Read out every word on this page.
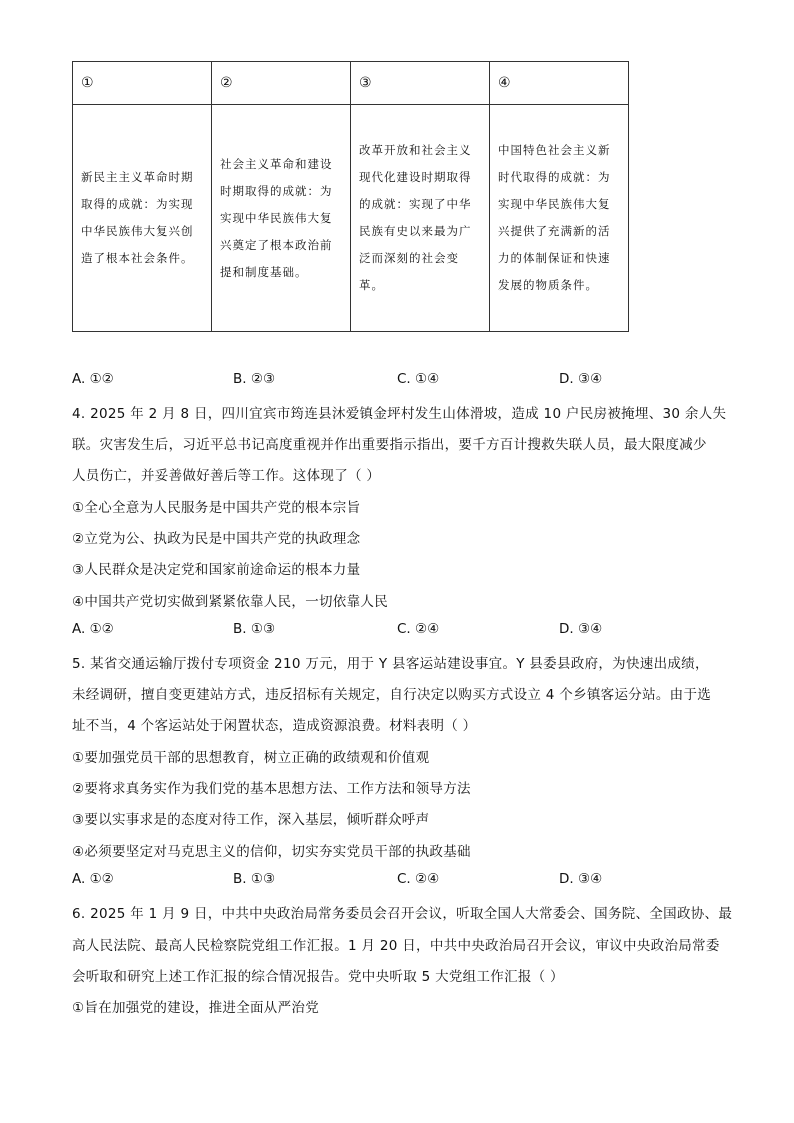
①	②	③	④
新民主主义革命时期取得的成就：为实现中华民族伟大复兴创造了根本社会条件。	社会主义革命和建设时期取得的成就：为实现中华民族伟大复兴奠定了根本政治前提和制度基础。	改革开放和社会主义现代化建设时期取得的成就：实现了中华民族有史以来最为广泛而深刻的社会变革。	中国特色社会主义新时代取得的成就：为实现中华民族伟大复兴提供了充满新的活力的体制保证和快速发展的物质条件。
A. ①②	B. ②③	C. ①④	D. ③④
4. 2025 年 2 月 8 日，四川宜宾市筠连县沐爱镇金坪村发生山体滑坡，造成 10 户民房被掩埋、30 余人失
联。灾害发生后，习近平总书记高度重视并作出重要指示指出，要千方百计搜救失联人员，最大限度减少
人员伤亡，并妥善做好善后等工作。这体现了（ ）
①全心全意为人民服务是中国共产党的根本宗旨
②立党为公、执政为民是中国共产党的执政理念
③人民群众是决定党和国家前途命运的根本力量
④中国共产党切实做到紧紧依靠人民，一切依靠人民
A. ①②	B. ①③	C. ②④	D. ③④
5. 某省交通运输厅拨付专项资金 210 万元，用于 Y 县客运站建设事宜。Y 县委县政府，为快速出成绩，
未经调研，擅自变更建站方式，违反招标有关规定，自行决定以购买方式设立 4 个乡镇客运分站。由于选
址不当，4 个客运站处于闲置状态，造成资源浪费。材料表明（ ）
①要加强党员干部的思想教育，树立正确的政绩观和价值观
②要将求真务实作为我们党的基本思想方法、工作方法和领导方法
③要以实事求是的态度对待工作，深入基层，倾听群众呼声
④必须要坚定对马克思主义的信仰，切实夯实党员干部的执政基础
A. ①②	B. ①③	C. ②④	D. ③④
6. 2025 年 1 月 9 日，中共中央政治局常务委员会召开会议，听取全国人大常委会、国务院、全国政协、最
高人民法院、最高人民检察院党组工作汇报。1 月 20 日，中共中央政治局召开会议，审议中央政治局常委
会听取和研究上述工作汇报的综合情况报告。党中央听取 5 大党组工作汇报（ ）
①旨在加强党的建设，推进全面从严治党
